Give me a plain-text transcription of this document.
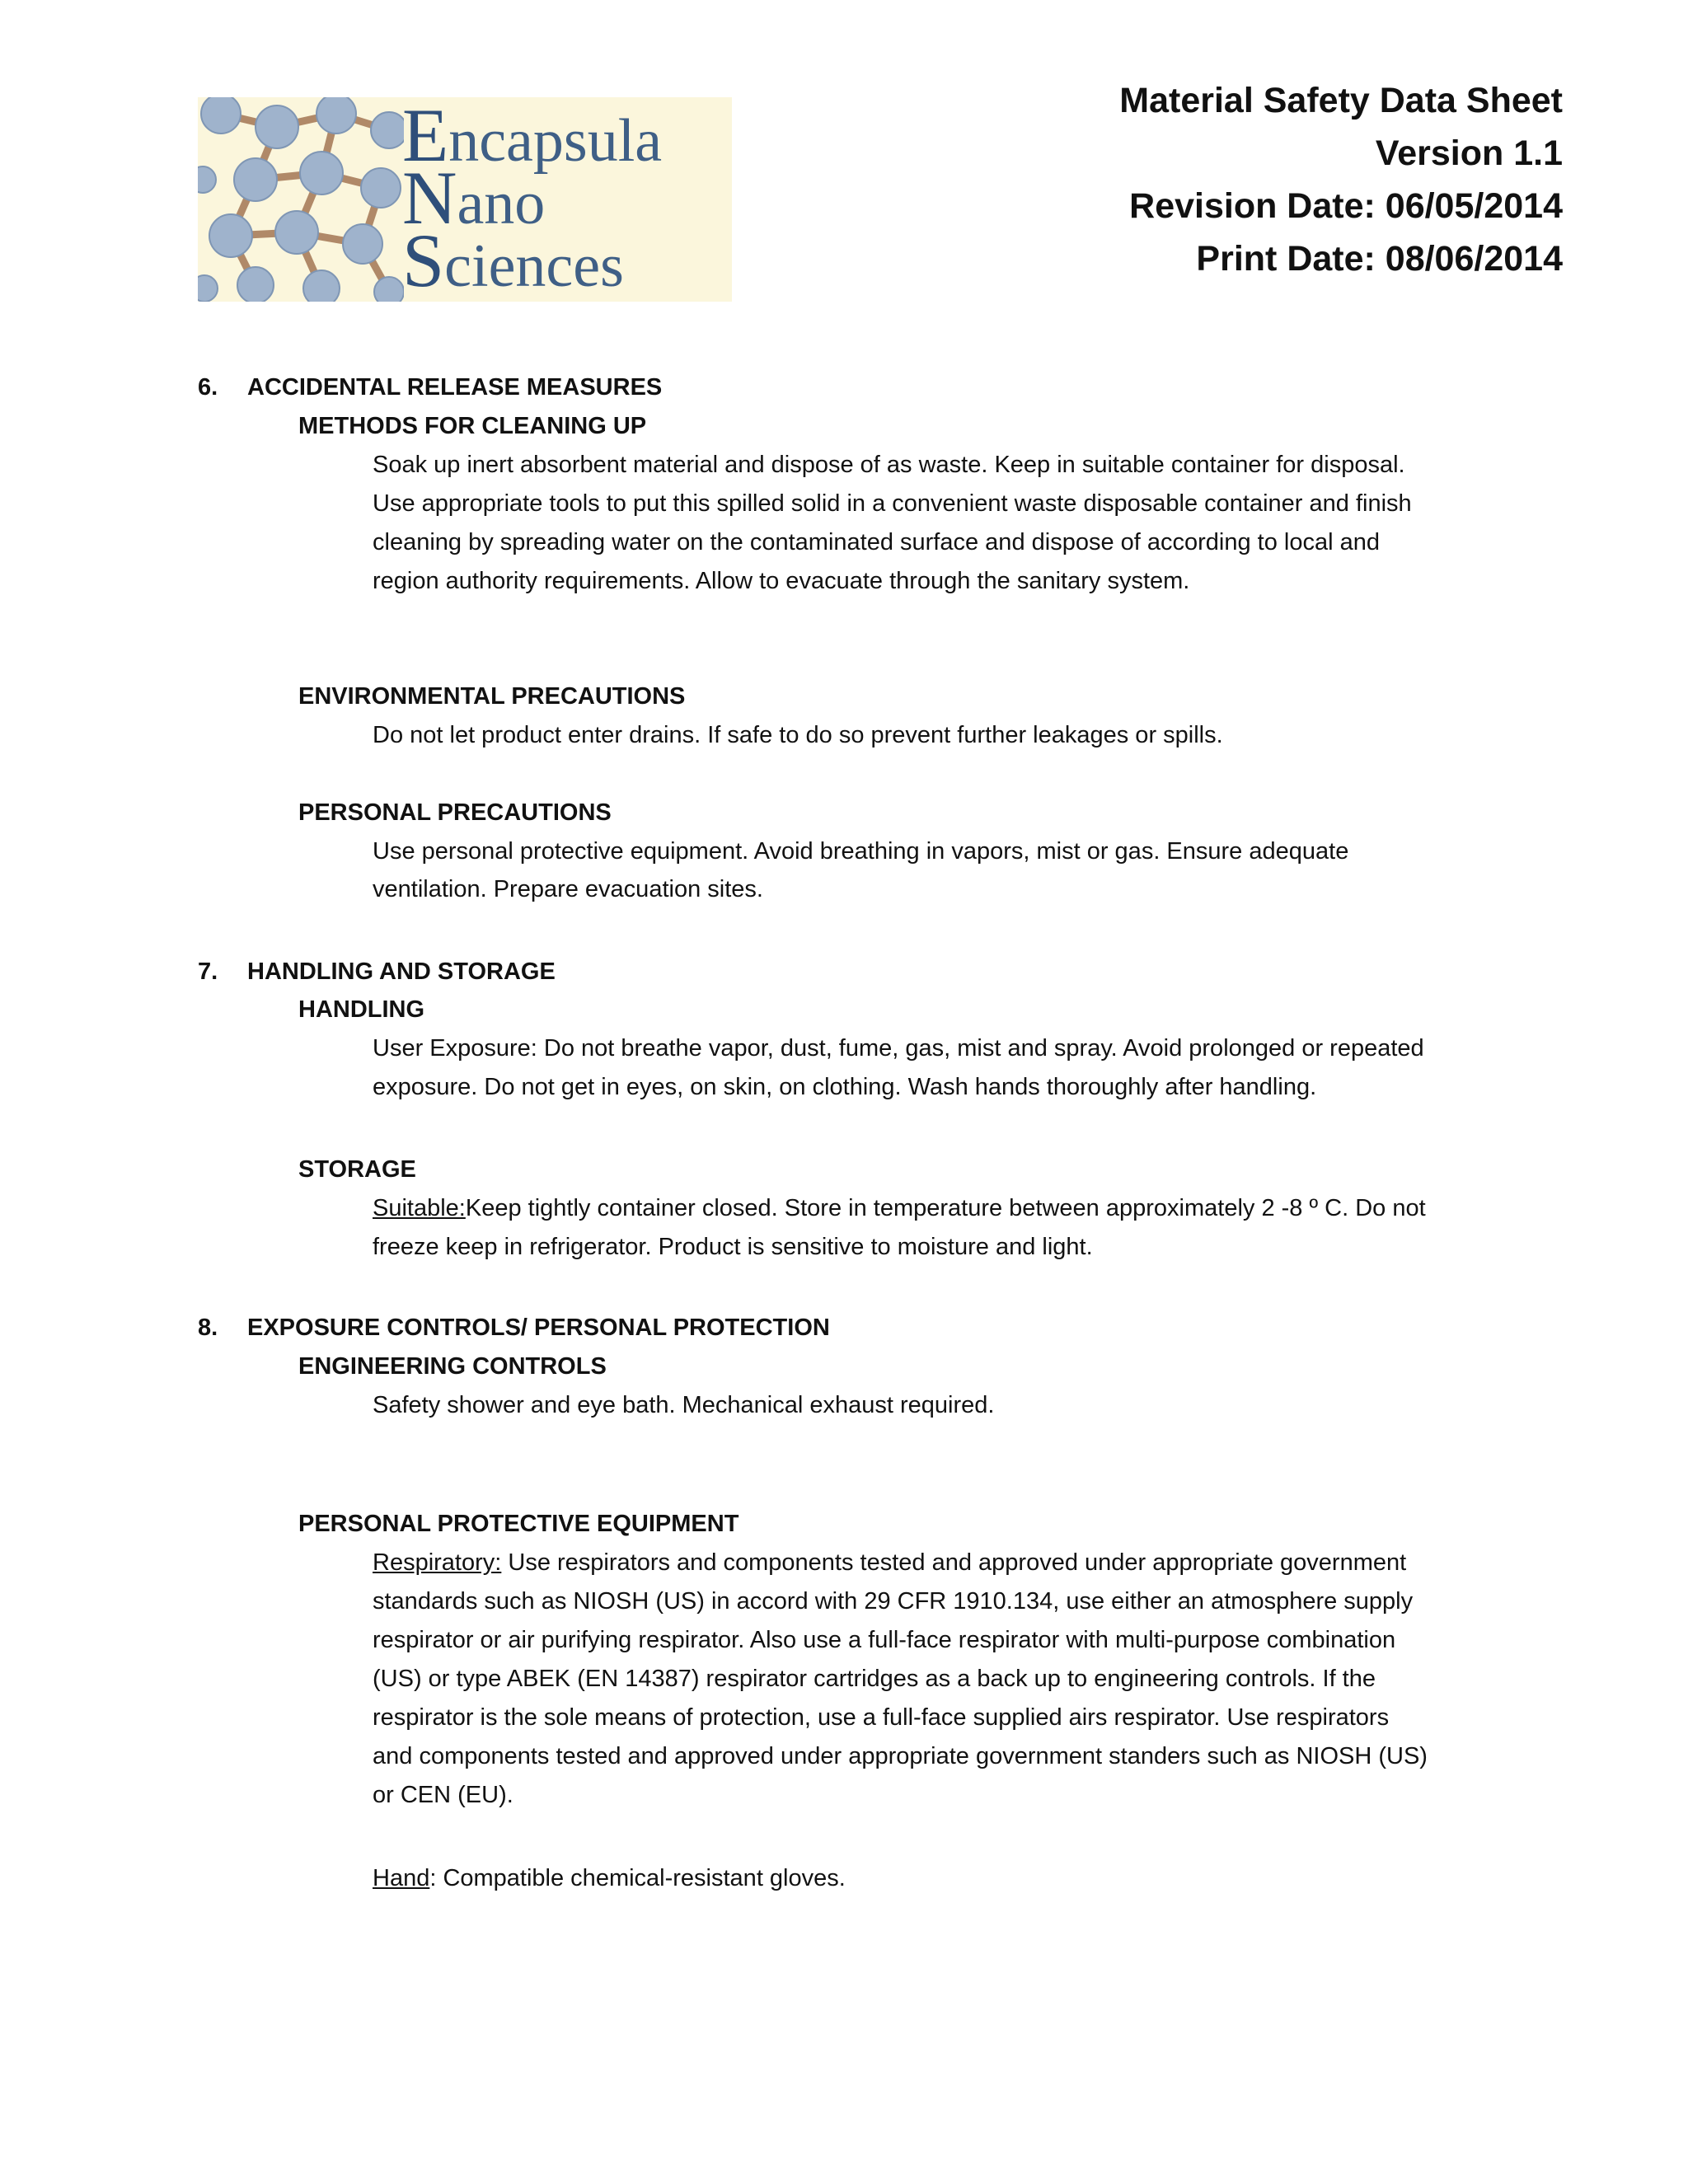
Encapsula
Nano
Sciences
Material Safety Data Sheet
Version 1.1
Revision Date: 06/05/2014
Print Date: 08/06/2014
6. ACCIDENTAL RELEASE MEASURES
METHODS FOR CLEANING UP
Soak up inert absorbent material and dispose of as waste. Keep in suitable container for disposal.
Use appropriate tools to put this spilled solid in a convenient waste disposable container and finish
cleaning by spreading water on the contaminated surface and dispose of according to local and
region authority requirements. Allow to evacuate through the sanitary system.
ENVIRONMENTAL PRECAUTIONS
Do not let product enter drains. If safe to do so prevent further leakages or spills.
PERSONAL PRECAUTIONS
Use personal protective equipment. Avoid breathing in vapors, mist or gas. Ensure adequate
ventilation. Prepare evacuation sites.
7. HANDLING AND STORAGE
HANDLING
User Exposure: Do not breathe vapor, dust, fume, gas, mist and spray. Avoid prolonged or repeated
exposure. Do not get in eyes, on skin, on clothing. Wash hands thoroughly after handling.
STORAGE
Suitable:Keep tightly container closed. Store in temperature between approximately 2 -8 º C. Do not
freeze keep in refrigerator. Product is sensitive to moisture and light.
8. EXPOSURE CONTROLS/ PERSONAL PROTECTION
ENGINEERING CONTROLS
Safety shower and eye bath. Mechanical exhaust required.
PERSONAL PROTECTIVE EQUIPMENT
Respiratory: Use respirators and components tested and approved under appropriate government
standards such as NIOSH (US) in accord with 29 CFR 1910.134, use either an atmosphere supply
respirator or air purifying respirator. Also use a full-face respirator with multi-purpose combination
(US) or type ABEK (EN 14387) respirator cartridges as a back up to engineering controls. If the
respirator is the sole means of protection, use a full-face supplied airs respirator. Use respirators
and components tested and approved under appropriate government standers such as NIOSH (US)
or CEN (EU).
Hand: Compatible chemical-resistant gloves.
